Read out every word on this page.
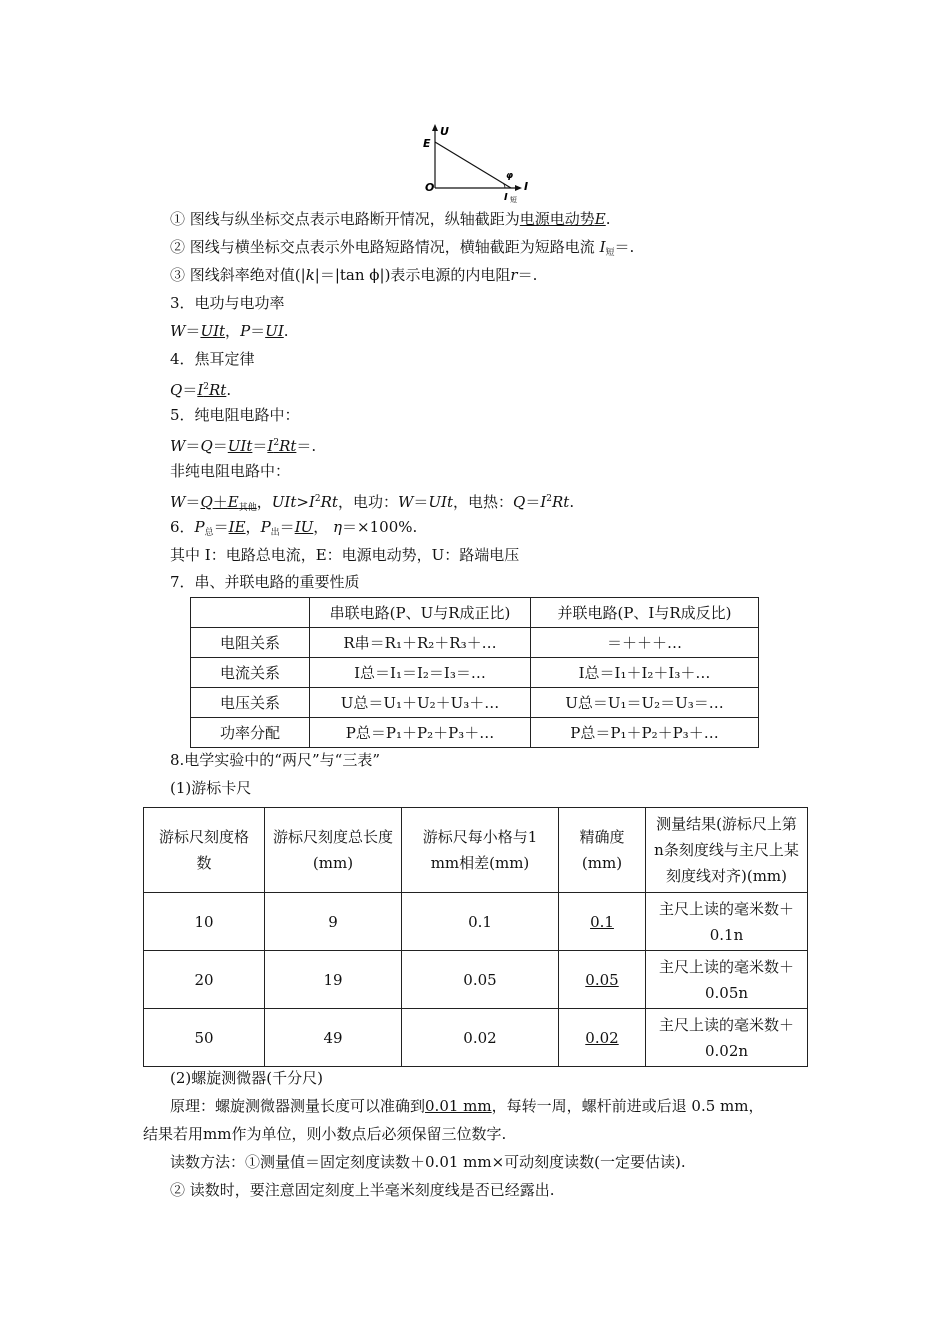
U
E
O	I
φ
I 短
① 图线与纵坐标交点表示电路断开情况，纵轴截距为电源电动势E.
② 图线与横坐标交点表示外电路短路情况，横轴截距为短路电流 $I_短=$.
③ 图线斜率绝对值(|k|＝|tan ϕ|)表示电源的内电阻r＝.
3．电功与电功率
W＝UIt，P＝UI.
4．焦耳定律
$Q=I^2Rt$.
5．纯电阻电路中：
$W=Q=UIt=I^2Rt=$.
非纯电阻电路中：
$W=Q+E_{其他}$，$UIt>I^2Rt$，电功：W＝UIt，电热：$Q=I^2Rt$.
6．$P_总=IE$，$P_出=IU$， η＝×100%.
其中 I：电路总电流，E：电源电动势，U：路端电压
7．串、并联电路的重要性质
	串联电路(P、U与R成正比)	并联电路(P、I与R成反比)
电阻关系	R串＝R₁＋R₂＋R₃＋…	＝＋＋＋…
电流关系	I总＝I₁＝I₂＝I₃＝…	I总＝I₁＋I₂＋I₃＋…
电压关系	U总＝U₁＋U₂＋U₃＋…	U总＝U₁＝U₂＝U₃＝…
功率分配	P总＝P₁＋P₂＋P₃＋…	P总＝P₁＋P₂＋P₃＋…
8.电学实验中的“两尺”与“三表”
(1)游标卡尺
游标尺刻度格数	游标尺刻度总长度(mm)	游标尺每小格与1 mm相差(mm)	精确度(mm)	测量结果(游标尺上第n条刻度线与主尺上某刻度线对齐)(mm)
10	9	0.1	0.1	主尺上读的毫米数＋
0.1n

20	19	0.05	0.05	主尺上读的毫米数＋
0.05n

50	49	0.02	0.02	主尺上读的毫米数＋
0.02n
(2)螺旋测微器(千分尺)
原理：螺旋测微器测量长度可以准确到0.01 mm，每转一周，螺杆前进或后退 0.5 mm，
结果若用mm作为单位，则小数点后必须保留三位数字.
读数方法：①测量值＝固定刻度读数＋0.01 mm×可动刻度读数(一定要估读).
② 读数时，要注意固定刻度上半毫米刻度线是否已经露出.
